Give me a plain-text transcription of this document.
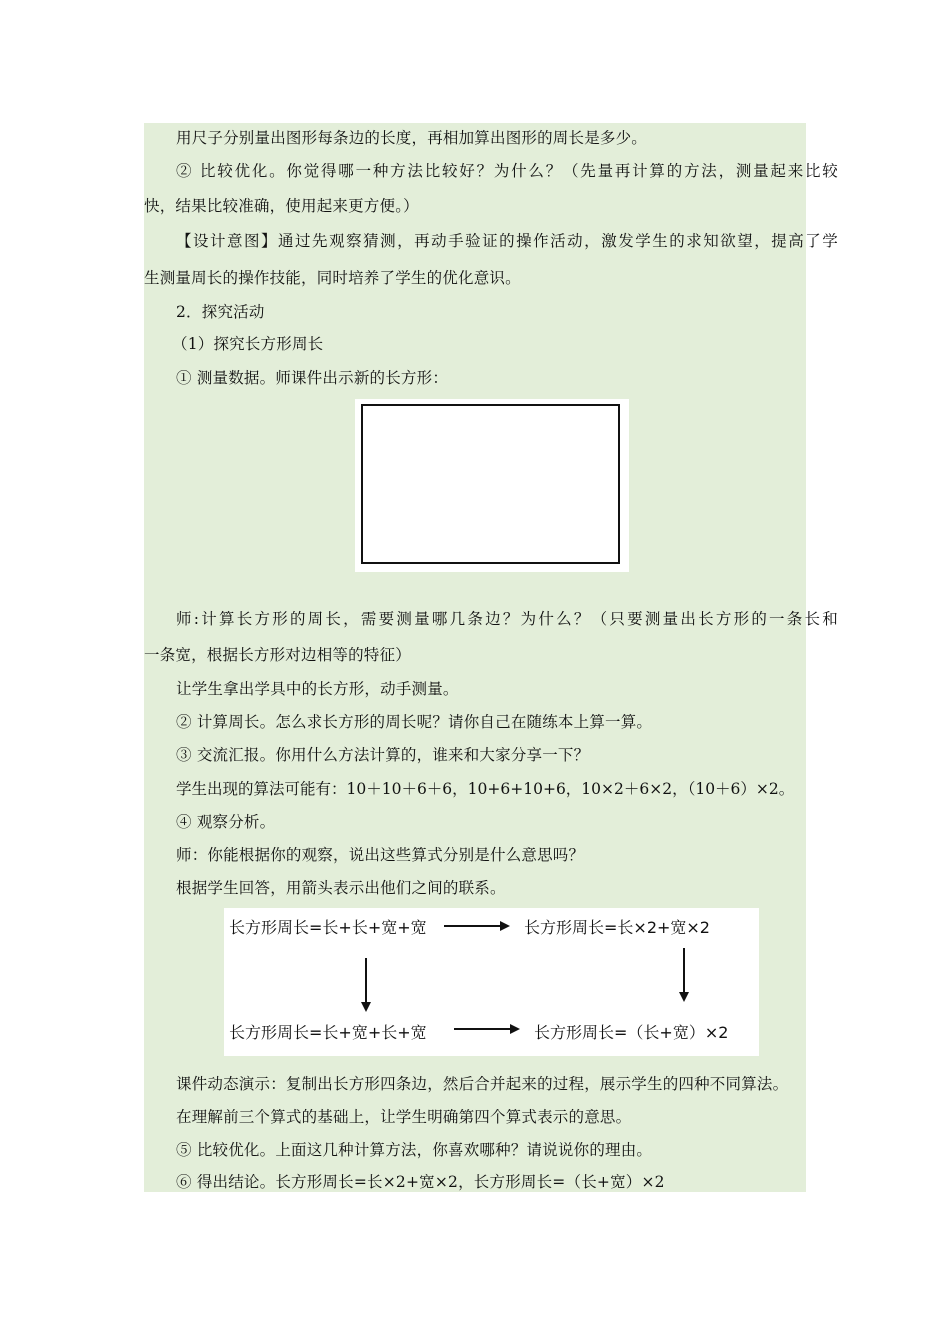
用尺子分别量出图形每条边的长度，再相加算出图形的周长是多少。
② 比较优化。你觉得哪一种方法比较好？为什么？（先量再计算的方法，测量起来比较
快，结果比较准确，使用起来更方便。）
【设计意图】通过先观察猜测，再动手验证的操作活动，激发学生的求知欲望，提高了学
生测量周长的操作技能，同时培养了学生的优化意识。
2．探究活动
（1）探究长方形周长
① 测量数据。师课件出示新的长方形：
师:计算长方形的周长，需要测量哪几条边？为什么？（只要测量出长方形的一条长和
一条宽，根据长方形对边相等的特征）
让学生拿出学具中的长方形，动手测量。
② 计算周长。怎么求长方形的周长呢？请你自己在随练本上算一算。
③ 交流汇报。你用什么方法计算的，谁来和大家分享一下？
学生出现的算法可能有：10＋10＋6＋6，10+6+10+6，10×2＋6×2，（10＋6）×2。
④ 观察分析。
师：你能根据你的观察，说出这些算式分别是什么意思吗？
根据学生回答，用箭头表示出他们之间的联系。
长方形周长=长+长+宽+宽	长方形周长=长×2+宽×2
长方形周长=长+宽+长+宽	长方形周长=（长+宽）×2
课件动态演示：复制出长方形四条边，然后合并起来的过程，展示学生的四种不同算法。
在理解前三个算式的基础上，让学生明确第四个算式表示的意思。
⑤ 比较优化。上面这几种计算方法，你喜欢哪种？请说说你的理由。
⑥ 得出结论。长方形周长=长×2+宽×2，长方形周长=（长+宽）×2
